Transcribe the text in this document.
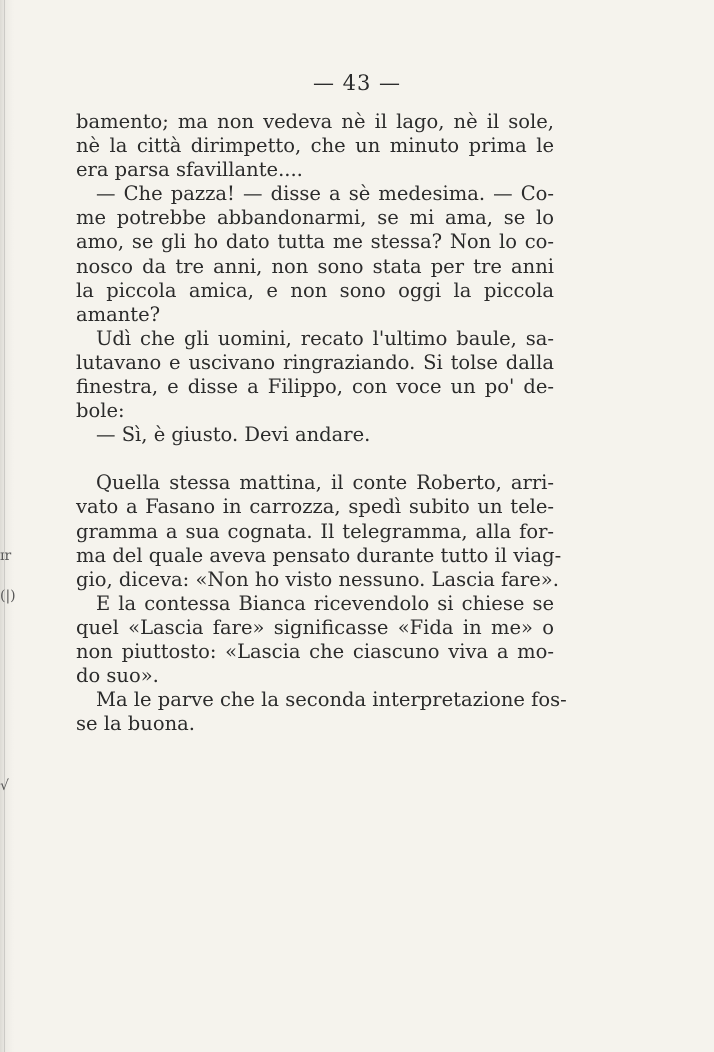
ɪr
(|)
√
— 43 —
bamento; ma non vedeva nè il lago, nè il sole,
nè la città dirimpetto, che un minuto prima le
era parsa sfavillante....
— Che pazza! — disse a sè medesima. — Co-
me potrebbe abbandonarmi, se mi ama, se lo
amo, se gli ho dato tutta me stessa? Non lo co-
nosco da tre anni, non sono stata per tre anni
la piccola amica, e non sono oggi la piccola
amante?
Udì che gli uomini, recato l'ultimo baule, sa-
lutavano e uscivano ringraziando. Si tolse dalla
finestra, e disse a Filippo, con voce un po' de-
bole:
— Sì, è giusto. Devi andare.
Quella stessa mattina, il conte Roberto, arri-
vato a Fasano in carrozza, spedì subito un tele-
gramma a sua cognata. Il telegramma, alla for-
ma del quale aveva pensato durante tutto il viag-
gio, diceva: «Non ho visto nessuno. Lascia fare».
E la contessa Bianca ricevendolo si chiese se
quel «Lascia fare» significasse «Fida in me» o
non piuttosto: «Lascia che ciascuno viva a mo-
do suo».
Ma le parve che la seconda interpretazione fos-
se la buona.
